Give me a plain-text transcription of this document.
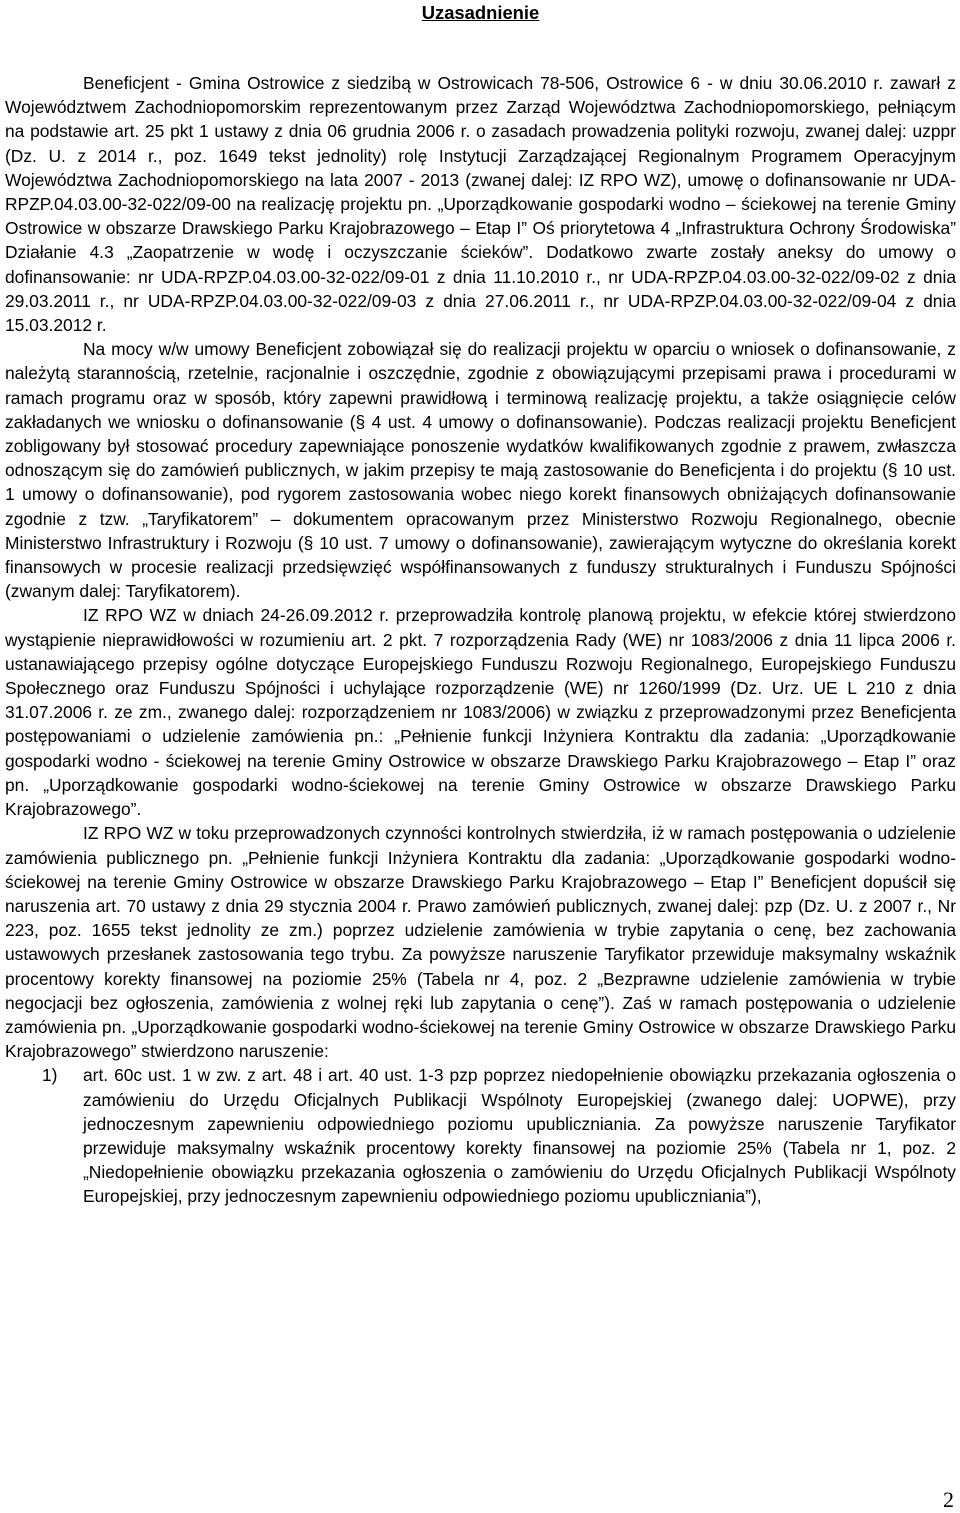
Uzasadnienie

Beneficjent - Gmina Ostrowice z siedzibą w Ostrowicach 78-506, Ostrowice 6 - w dniu 30.06.2010 r. zawarł z Województwem Zachodniopomorskim reprezentowanym przez Zarząd Województwa Zachodniopomorskiego, pełniącym na podstawie art. 25 pkt 1 ustawy z dnia 06 grudnia 2006 r. o zasadach prowadzenia polityki rozwoju, zwanej dalej: uzppr (Dz. U. z 2014 r., poz. 1649 tekst jednolity) rolę Instytucji Zarządzającej Regionalnym Programem Operacyjnym Województwa Zachodniopomorskiego na lata 2007 - 2013 (zwanej dalej: IZ RPO WZ), umowę o dofinansowanie nr UDA-RPZP.04.03.00-32-022/09-00 na realizację projektu pn. „Uporządkowanie gospodarki wodno – ściekowej na terenie Gminy Ostrowice w obszarze Drawskiego Parku Krajobrazowego – Etap I” Oś priorytetowa 4 „Infrastruktura Ochrony Środowiska” Działanie 4.3 „Zaopatrzenie w wodę i oczyszczanie ścieków”. Dodatkowo zwarte zostały aneksy do umowy o dofinansowanie: nr UDA-RPZP.04.03.00-32-022/09-01 z dnia 11.10.2010 r., nr UDA-RPZP.04.03.00-32-022/09-02 z dnia 29.03.2011 r., nr UDA-RPZP.04.03.00-32-022/09-03 z dnia 27.06.2011 r., nr UDA-RPZP.04.03.00-32-022/09-04 z dnia 15.03.2012 r.

Na mocy w/w umowy Beneficjent zobowiązał się do realizacji projektu w oparciu o wniosek o dofinansowanie, z należytą starannością, rzetelnie, racjonalnie i oszczędnie, zgodnie z obowiązującymi przepisami prawa i procedurami w ramach programu oraz w sposób, który zapewni prawidłową i terminową realizację projektu, a także osiągnięcie celów zakładanych we wniosku o dofinansowanie (§ 4 ust. 4 umowy o dofinansowanie). Podczas realizacji projektu Beneficjent zobligowany był stosować procedury zapewniające ponoszenie wydatków kwalifikowanych zgodnie z prawem, zwłaszcza odnoszącym się do zamówień publicznych, w jakim przepisy te mają zastosowanie do Beneficjenta i do projektu (§ 10 ust. 1 umowy o dofinansowanie), pod rygorem zastosowania wobec niego korekt finansowych obniżających dofinansowanie zgodnie z tzw. „Taryfikatorem” – dokumentem opracowanym przez Ministerstwo Rozwoju Regionalnego, obecnie Ministerstwo Infrastruktury i Rozwoju (§ 10 ust. 7 umowy o dofinansowanie), zawierającym wytyczne do określania korekt finansowych w procesie realizacji przedsięwzięć współfinansowanych z funduszy strukturalnych i Funduszu Spójności (zwanym dalej: Taryfikatorem).

IZ RPO WZ w dniach 24-26.09.2012 r. przeprowadziła kontrolę planową projektu, w efekcie której stwierdzono wystąpienie nieprawidłowości w rozumieniu art. 2 pkt. 7 rozporządzenia Rady (WE) nr 1083/2006 z dnia 11 lipca 2006 r. ustanawiającego przepisy ogólne dotyczące Europejskiego Funduszu Rozwoju Regionalnego, Europejskiego Funduszu Społecznego oraz Funduszu Spójności i uchylające rozporządzenie (WE) nr 1260/1999 (Dz. Urz. UE L 210 z dnia 31.07.2006 r. ze zm., zwanego dalej: rozporządzeniem nr 1083/2006) w związku z przeprowadzonymi przez Beneficjenta postępowaniami o udzielenie zamówienia pn.: „Pełnienie funkcji Inżyniera Kontraktu dla zadania: „Uporządkowanie gospodarki wodno - ściekowej na terenie Gminy Ostrowice w obszarze Drawskiego Parku Krajobrazowego – Etap I” oraz pn. „Uporządkowanie gospodarki wodno-ściekowej na terenie Gminy Ostrowice w obszarze Drawskiego Parku Krajobrazowego”.

IZ RPO WZ w toku przeprowadzonych czynności kontrolnych stwierdziła, iż w ramach postępowania o udzielenie zamówienia publicznego pn. „Pełnienie funkcji Inżyniera Kontraktu dla zadania: „Uporządkowanie gospodarki wodno-ściekowej na terenie Gminy Ostrowice w obszarze Drawskiego Parku Krajobrazowego – Etap I” Beneficjent dopuścił się naruszenia art. 70 ustawy z dnia 29 stycznia 2004 r. Prawo zamówień publicznych, zwanej dalej: pzp (Dz. U. z 2007 r., Nr 223, poz. 1655 tekst jednolity ze zm.) poprzez udzielenie zamówienia w trybie zapytania o cenę, bez zachowania ustawowych przesłanek zastosowania tego trybu. Za powyższe naruszenie Taryfikator przewiduje maksymalny wskaźnik procentowy korekty finansowej na poziomie 25% (Tabela nr 4, poz. 2 „Bezprawne udzielenie zamówienia w trybie negocjacji bez ogłoszenia, zamówienia z wolnej ręki lub zapytania o cenę”). Zaś w ramach postępowania o udzielenie zamówienia pn. „Uporządkowanie gospodarki wodno-ściekowej na terenie Gminy Ostrowice w obszarze Drawskiego Parku Krajobrazowego” stwierdzono naruszenie:

1) art. 60c ust. 1 w zw. z art. 48 i art. 40 ust. 1-3 pzp poprzez niedopełnienie obowiązku przekazania ogłoszenia o zamówieniu do Urzędu Oficjalnych Publikacji Wspólnoty Europejskiej (zwanego dalej: UOPWE), przy jednoczesnym zapewnieniu odpowiedniego poziomu upubliczniania. Za powyższe naruszenie Taryfikator przewiduje maksymalny wskaźnik procentowy korekty finansowej na poziomie 25% (Tabela nr 1, poz. 2 „Niedopełnienie obowiązku przekazania ogłoszenia o zamówieniu do Urzędu Oficjalnych Publikacji Wspólnoty Europejskiej, przy jednoczesnym zapewnieniu odpowiedniego poziomu upubliczniania”),
2
